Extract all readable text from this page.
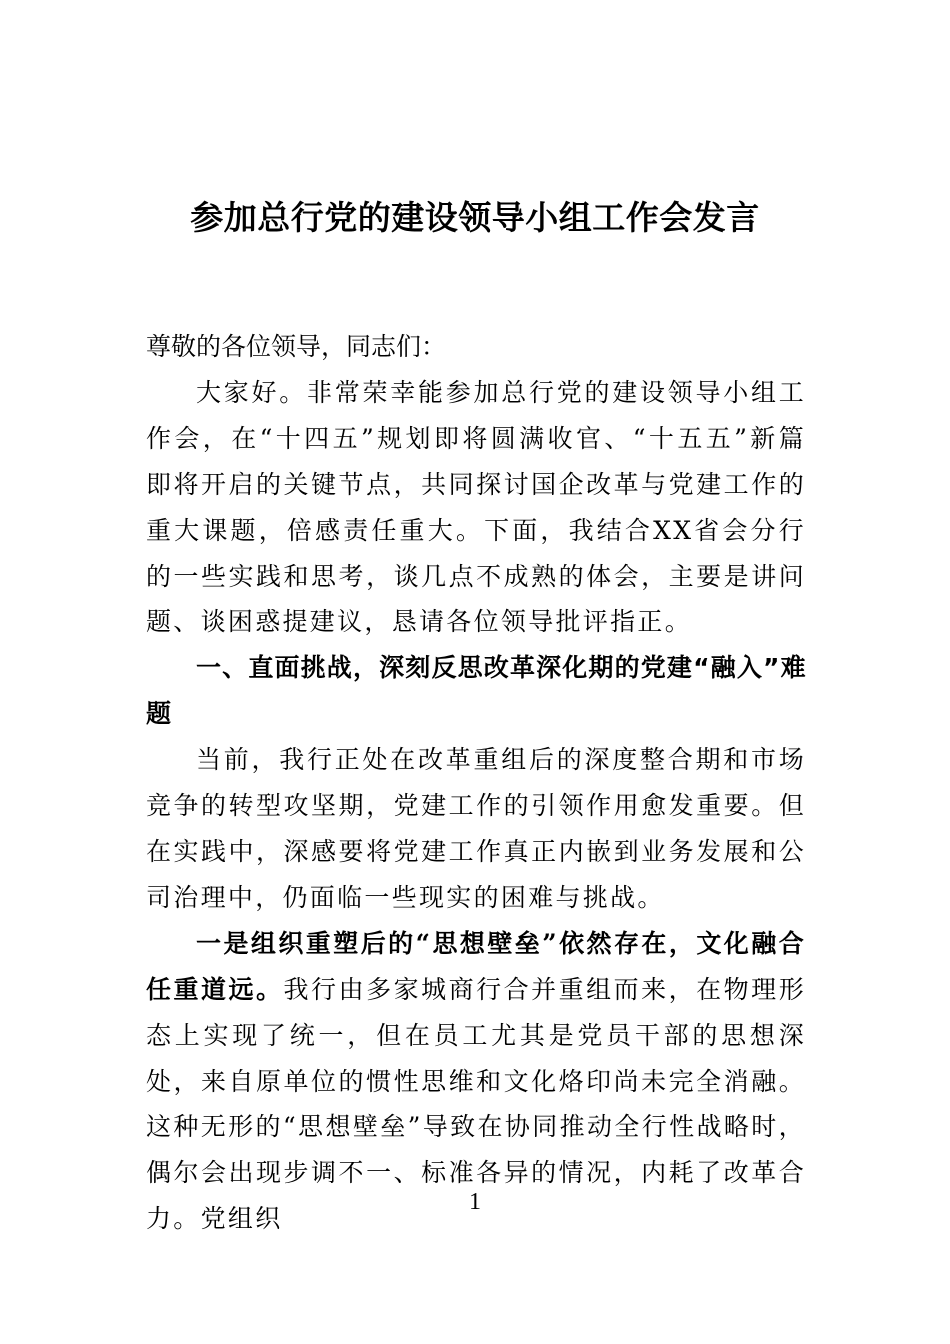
参加总行党的建设领导小组工作会发言

尊敬的各位领导，同志们：

大家好。非常荣幸能参加总行党的建设领导小组工作会，在“十四五”规划即将圆满收官、“十五五”新篇即将开启的关键节点，共同探讨国企改革与党建工作的重大课题，倍感责任重大。下面，我结合XX省会分行的一些实践和思考，谈几点不成熟的体会，主要是讲问题、谈困惑提建议，恳请各位领导批评指正。

一、直面挑战，深刻反思改革深化期的党建“融入”难题

当前，我行正处在改革重组后的深度整合期和市场竞争的转型攻坚期，党建工作的引领作用愈发重要。但在实践中，深感要将党建工作真正内嵌到业务发展和公司治理中，仍面临一些现实的困难与挑战。

一是组织重塑后的“思想壁垒”依然存在，文化融合任重道远。我行由多家城商行合并重组而来，在物理形态上实现了统一，但在员工尤其是党员干部的思想深处，来自原单位的惯性思维和文化烙印尚未完全消融。这种无形的“思想壁垒”导致在协同推动全行性战略时，偶尔会出现步调不一、标准各异的情况，内耗了改革合力。党组织

1
